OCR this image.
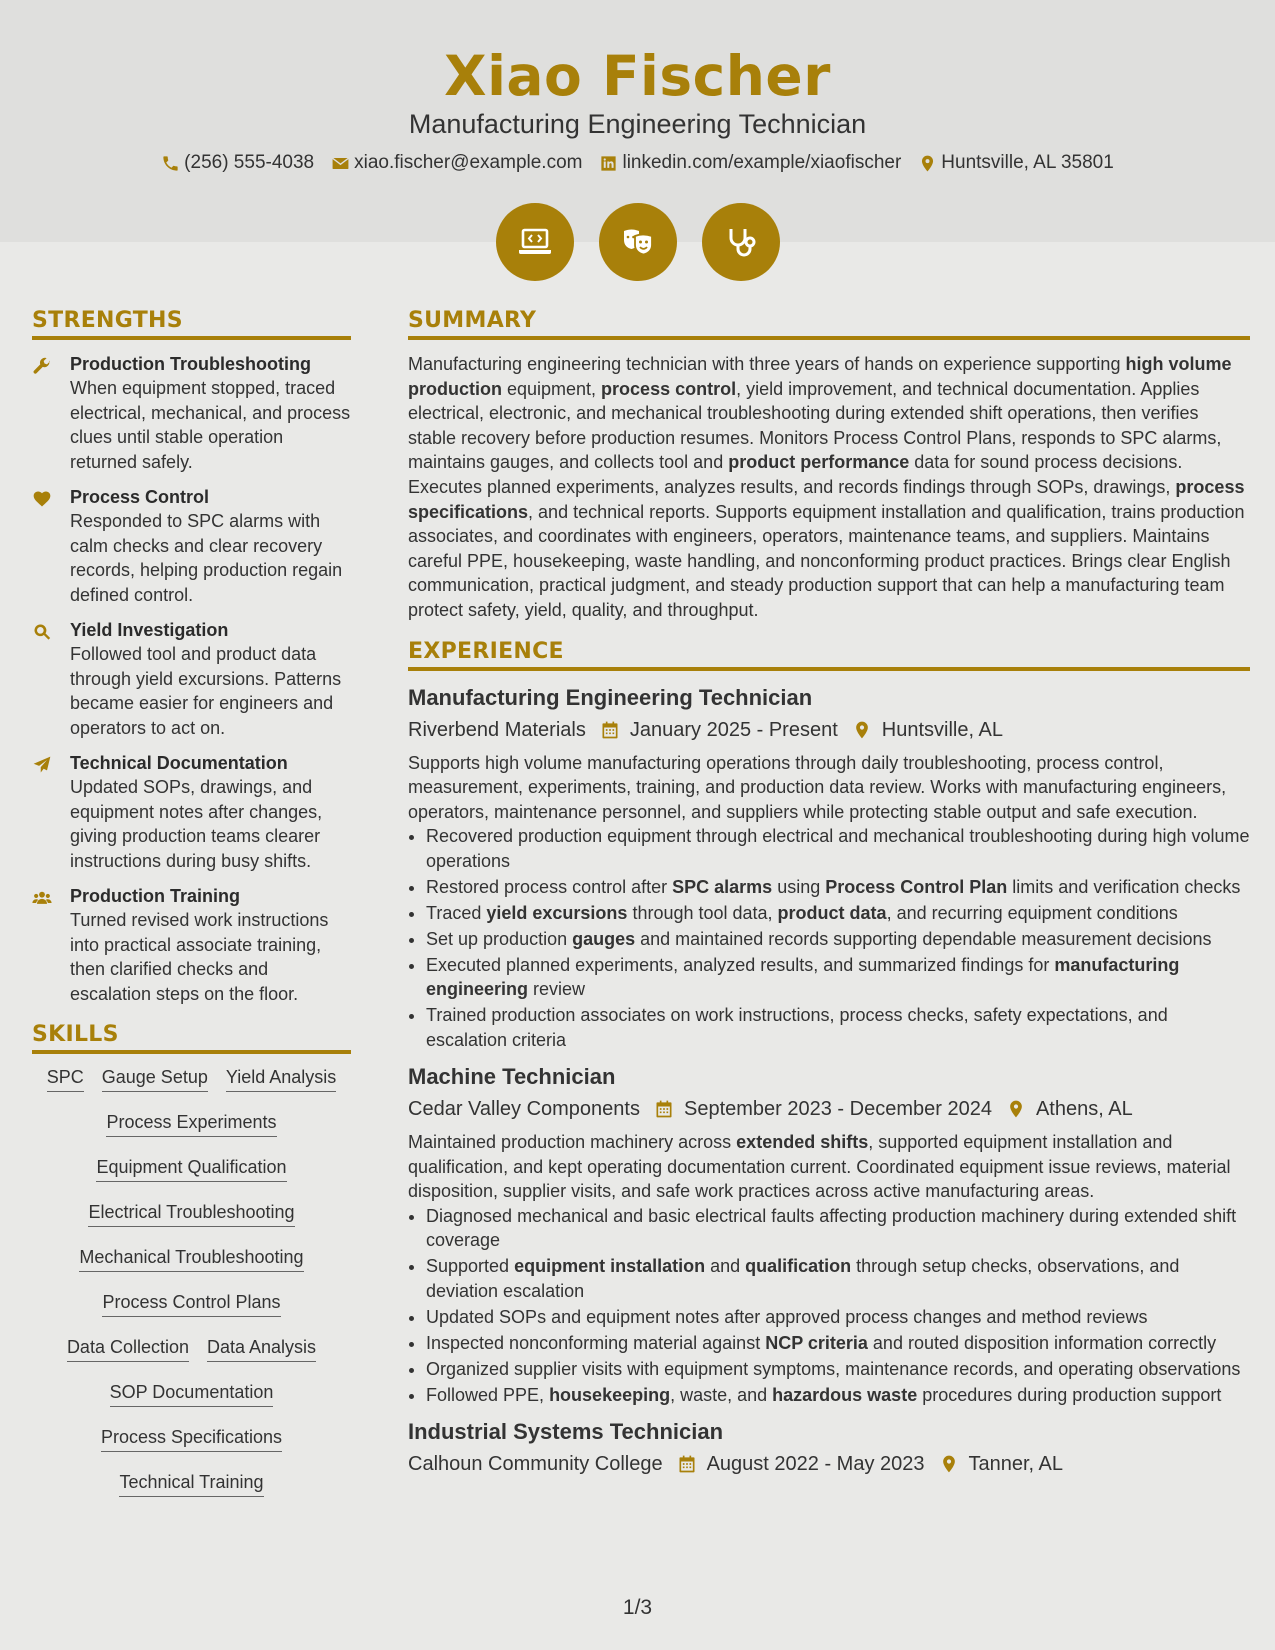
Xiao Fischer
Manufacturing Engineering Technician
(256) 555-4038 xiao.fischer@example.com linkedin.com/example/xiaofischer Huntsville, AL 35801
STRENGTHS
Production Troubleshooting

When equipment stopped, traced electrical, mechanical, and process clues until stable operation returned safely.

Process Control

Responded to SPC alarms with calm checks and clear recovery records, helping production regain defined control.

Yield Investigation

Followed tool and product data through yield excursions. Patterns became easier for engineers and operators to act on.

Technical Documentation

Updated SOPs, drawings, and equipment notes after changes, giving production teams clearer instructions during busy shifts.

Production Training

Turned revised work instructions into practical associate training, then clarified checks and escalation steps on the floor.

SKILLS
SPC Gauge Setup Yield Analysis
Process Experiments
Equipment Qualification
Electrical Troubleshooting
Mechanical Troubleshooting
Process Control Plans
Data Collection Data Analysis
SOP Documentation
Process Specifications
Technical Training
SUMMARY

Manufacturing engineering technician with three years of hands on experience supporting high volume production equipment, process control, yield improvement, and technical documentation. Applies electrical, electronic, and mechanical troubleshooting during extended shift operations, then verifies stable recovery before production resumes. Monitors Process Control Plans, responds to SPC alarms, maintains gauges, and collects tool and product performance data for sound process decisions. Executes planned experiments, analyzes results, and records findings through SOPs, drawings, process specifications, and technical reports. Supports equipment installation and qualification, trains production associates, and coordinates with engineers, operators, maintenance teams, and suppliers. Maintains careful PPE, housekeeping, waste handling, and nonconforming product practices. Brings clear English communication, practical judgment, and steady production support that can help a manufacturing team protect safety, yield, quality, and throughput.

EXPERIENCE
Manufacturing Engineering Technician
Riverbend Materials January 2025 - Present Huntsville, AL

Supports high volume manufacturing operations through daily troubleshooting, process control, measurement, experiments, training, and production data review. Works with manufacturing engineers, operators, maintenance personnel, and suppliers while protecting stable output and safe execution.

• Recovered production equipment through electrical and mechanical troubleshooting during high volume operations
• Restored process control after SPC alarms using Process Control Plan limits and verification checks
• Traced yield excursions through tool data, product data, and recurring equipment conditions
• Set up production gauges and maintained records supporting dependable measurement decisions
• Executed planned experiments, analyzed results, and summarized findings for manufacturing engineering review
• Trained production associates on work instructions, process checks, safety expectations, and escalation criteria
Machine Technician
Cedar Valley Components September 2023 - December 2024 Athens, AL

Maintained production machinery across extended shifts, supported equipment installation and qualification, and kept operating documentation current. Coordinated equipment issue reviews, material disposition, supplier visits, and safe work practices across active manufacturing areas.

• Diagnosed mechanical and basic electrical faults affecting production machinery during extended shift coverage
• Supported equipment installation and qualification through setup checks, observations, and deviation escalation
• Updated SOPs and equipment notes after approved process changes and method reviews
• Inspected nonconforming material against NCP criteria and routed disposition information correctly
• Organized supplier visits with equipment symptoms, maintenance records, and operating observations
• Followed PPE, housekeeping, waste, and hazardous waste procedures during production support
Industrial Systems Technician
Calhoun Community College August 2022 - May 2023 Tanner, AL
1/3
